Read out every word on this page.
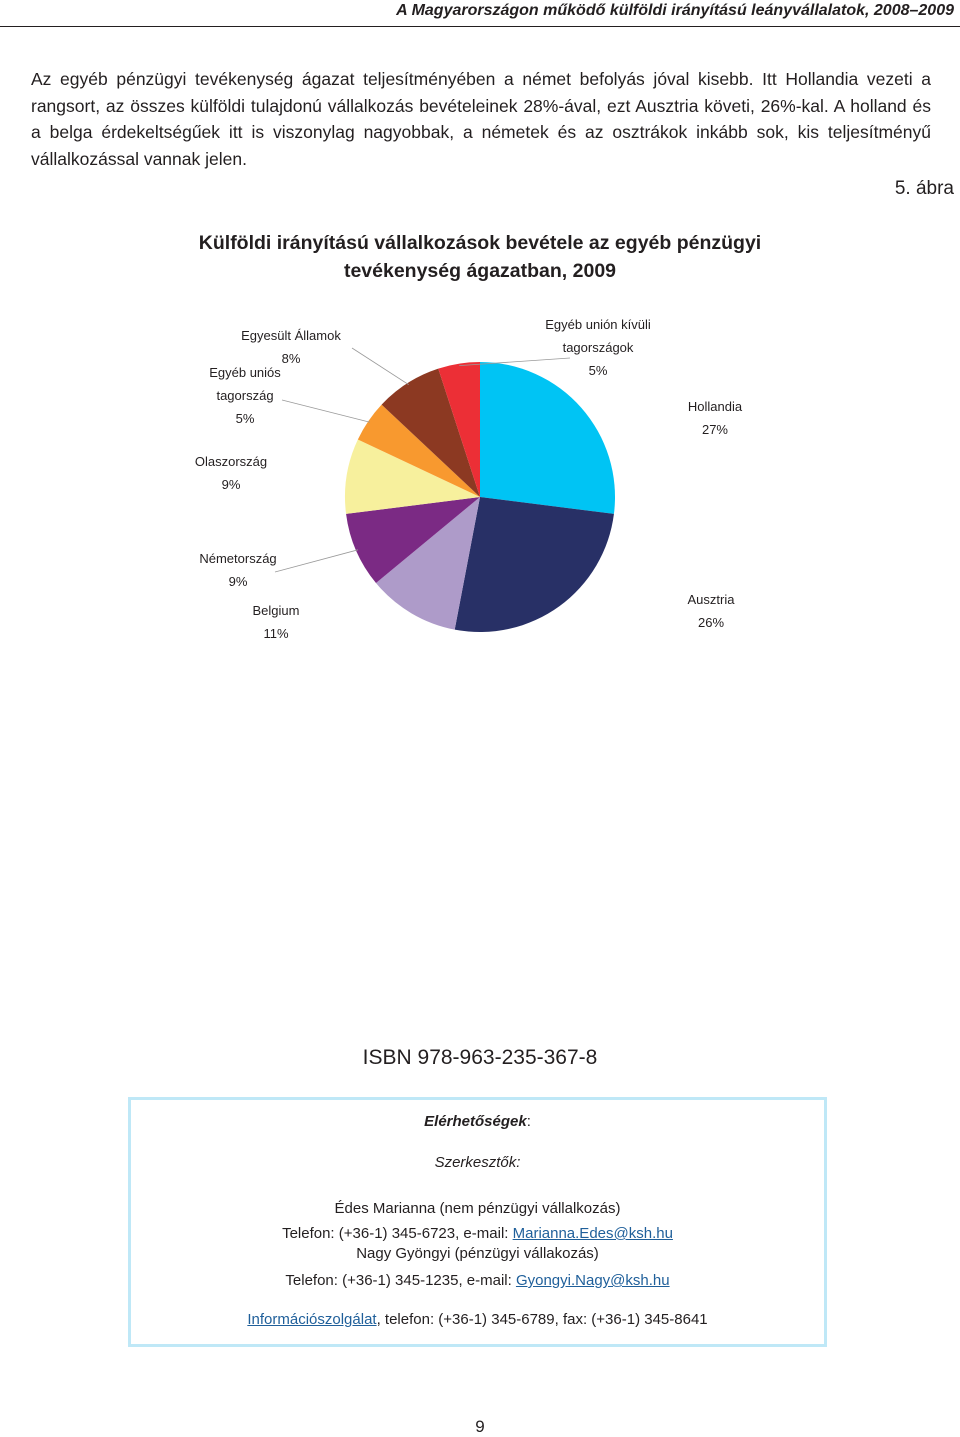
A Magyarországon működő külföldi irányítású leányvállalatok, 2008–2009
Az egyéb pénzügyi tevékenység ágazat teljesítményében a német befolyás jóval kisebb. Itt Hollandia vezeti a rangsort, az összes külföldi tulajdonú vállalkozás bevételeinek 28%-ával, ezt Ausztria követi, 26%-kal. A holland és a belga érdekeltségűek itt is viszonylag nagyobbak, a németek és az osztrákok inkább sok, kis teljesítményű vállalkozással vannak jelen.
5. ábra
Külföldi irányítású vállalkozások bevétele az egyéb pénzügyi
tevékenység ágazatban, 2009
Hollandia
27%
Ausztria
26%
Belgium
11%
Németország
9%
Olaszország
9%
Egyéb uniós
tagország
5%
Egyesült Államok
8%
Egyéb unión kívüli
tagországok
5%
ISBN 978-963-235-367-8
Elérhetőségek:
Szerkesztők:
Édes Marianna (nem pénzügyi vállalkozás)
Telefon: (+36-1) 345-6723, e-mail: Marianna.Edes@ksh.hu
Nagy Gyöngyi (pénzügyi vállakozás)
Telefon: (+36-1) 345-1235, e-mail: Gyongyi.Nagy@ksh.hu
Információszolgálat, telefon: (+36-1) 345-6789, fax: (+36-1) 345-8641
9
